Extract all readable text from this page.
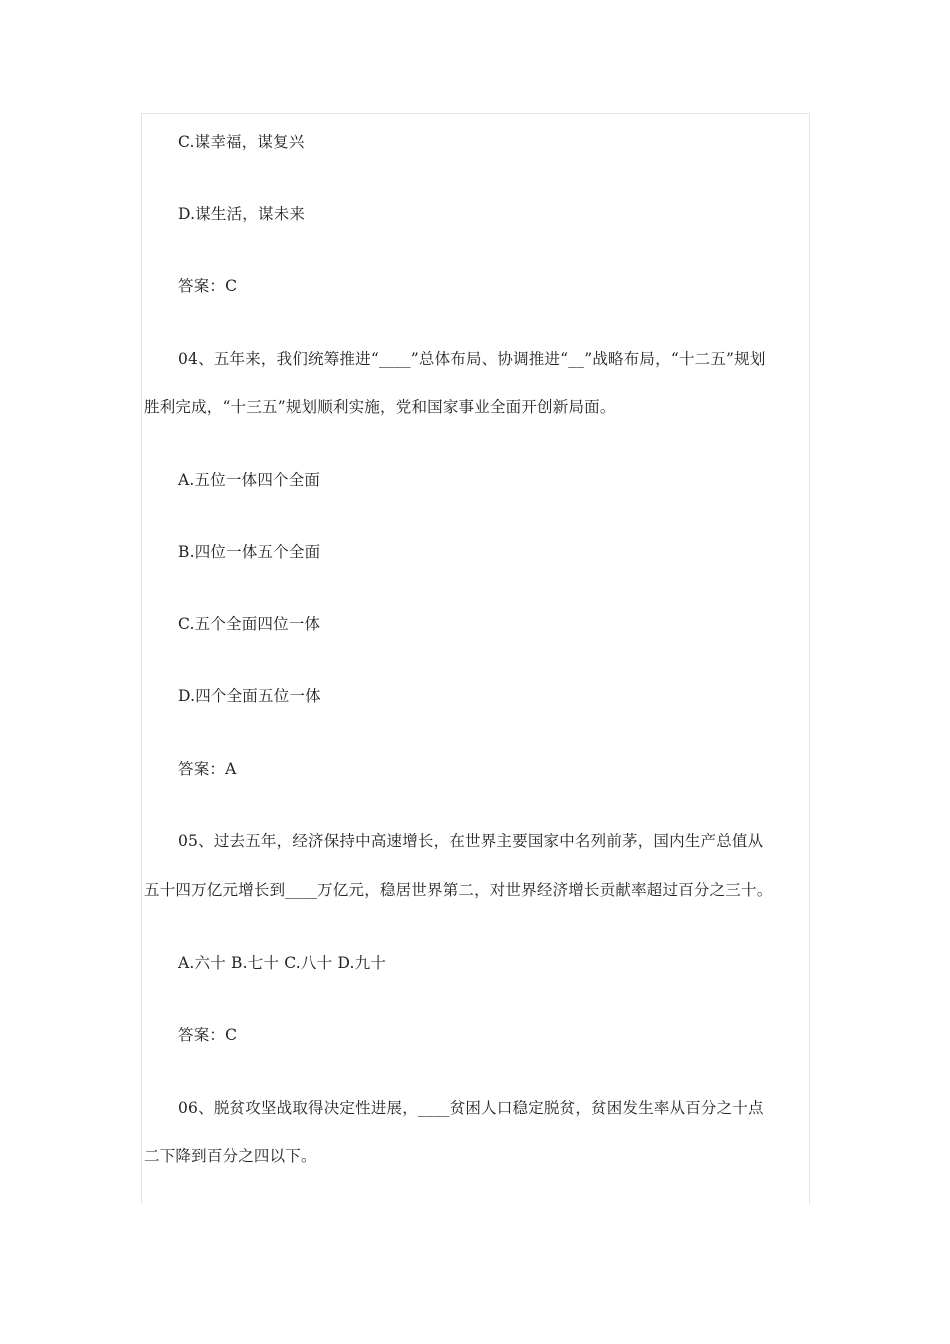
C.谋幸福，谋复兴
D.谋生活，谋未来
答案：C
04、五年来，我们统筹推进“____”总体布局、协调推进“__”战略布局，“十二五”规划
胜利完成，“十三五”规划顺利实施，党和国家事业全面开创新局面。
A.五位一体四个全面
B.四位一体五个全面
C.五个全面四位一体
D.四个全面五位一体
答案：A
05、过去五年，经济保持中高速增长，在世界主要国家中名列前茅，国内生产总值从
五十四万亿元增长到____万亿元，稳居世界第二，对世界经济增长贡献率超过百分之三十。
A.六十 B.七十 C.八十 D.九十
答案：C
06、脱贫攻坚战取得决定性进展，____贫困人口稳定脱贫，贫困发生率从百分之十点
二下降到百分之四以下。
